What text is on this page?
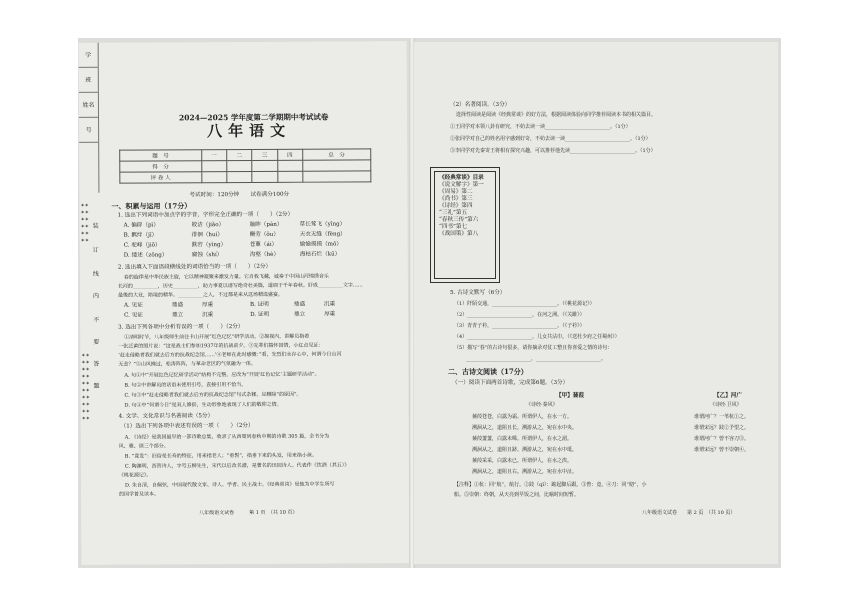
学
班
姓名
号
✶✶✶✶✶✶✶✶✶✶✶✶
✶✶✶✶✶✶✶✶✶✶✶✶✶✶✶✶✶✶✶✶
装
订
线
内
不
要
答
题
2024—2025 学年度第二学期期中考试试卷
八年语文
题　号	一	二	三	四	总　分
得　分					
评 卷 人					
考试时间：120分钟　　试卷满分100分
一、积累与运用（17分）
1. 选出下列词语中加点字的字音，字形完全正确的一项（　　）（2分）
A. 偏辟（pì）	皎洁（jiǎo）	脑眸（pàn）	草长莺飞（yīng）
B. 羁绊（jī）	徘徊（huí）	酬劳（ǒu）	天衣无缝（fèng）
C. 驼峰（jiǒ）	跌宕（yìng）	苍蕈（ái）	愉愉摸摸（mō）
D. 缕述（zǒng）	腐蚀（shí）	沟壑（hè）	海枯石烂（kū）
2. 选出填入下面语段横线处的词语恰当的一项（　　）（2分）
春的旋律是中华民族主旋，它以精神凝聚来激发力量。它自我飞越，诚奏于中国山河锦绣音乐
长河的__________，历史__________，助力事夏以谱写绝奇壮美篇，道调于千年春秋。好成__________文字……
最後的大业，陪境的精华。__________之人，不过都是来从这场精选盛宴。
A. 见证	鼎盛	厚重	B. 证明	鼎盛	沉重
C. 见证	鼎立	沉重	D. 证明	鼎立	厚重
3. 选出下列各项中分析有误的一项（　　）（2分）
①清明时节，八年级师生前往卡山开展“红色记忆”研学活动。②凝视内，讲解员指着
一张泛黄的照片说：“这是战士们参加1937年的抗战前夕。③先辈们揣怀国情，小红点见证：
‘赶走侵略者我们就去后方的抗战纪念馆……’④老师在此时感慨：”看，先烈们永存心中，何谓今日山河
无恙？”⑤山风拂过，松涛阵阵，与革命老区的气氛融为一体。
A. 句①中“开展红色记忆研学活动”结构不完整，应改为“开展‘红色记忆’主题研学活动”。
B. 句②中讲解员的话语未使用引号，直接引用不恰当。
C. 句③中“赶走侵略者我们就去后方的抗战纪念馆”句式杂糅，应删除“的原因”。
D. 句④中“何谓今日”是双人修辞，生动形象地表现了人们的敬仰之情。
4. 文学、文化常识与名著阅读（5分）
（1）选出下列各项中表述有误的一项（　　）（2分）
A. 《诗经》是我国最早的一部诗歌总集，收录了从西周到春秋中期的诗歌 305 篇，全书分为
风、雅、颂三个部分。
B. “竟发”：旧俗是长寿的特征，用来指老人；“垂髫”，指垂下来的头发，用来指小孩。
C. 陶渊明，西晋诗人，字号五柳先生，宋代以后改名潜，是著名的田园诗人。代表作《饮酒（其五）》
《桃花源记》。
D. 朱自清，自佩弦，中国现代散文家、诗人、学者、民主战士。《经典常谈》是他为中学生所写
的国学普及读本。
八年级语文试卷　　　第 1 页　（共 10 页）
（2）名著阅读。（3分）
选择性阅读是阅读《经典常谈》的好方法，根据阅读体验向同学推荐阅读本书的相关篇目。
①王同学对本领八卦有研究，不妨去读一读__________________________。（1分）
②张同学对自己的姓名用字感到好奇，不妨去读一读__________________________。（1分）
③李同学对先秦寄王将相有探究兴趣，可以推荐他先读__________________________。（1分）
《经典常谈》目录
《说文解字》第一
《周易》第二
《尚书》第三
《诗经》第四
“三礼”第五
“春秋三传”第六
“四书”第七
《战国策》第八
5. 古诗文默写（6分）
（1）阡陌交通，__________________________。（《桃花源记》）
（2）__________________________，在河之洲。（《关雎》）
（3）青青子衿，__________________________。（《子衿》）
（4）__________________________，儿女共沾巾。（《送杜少府之任蜀州》）
（5）描写“春”的古诗句很多，请你摘录对仗工整且你喜爱之情的诗句：
__________________________，__________________________。
二、古诗文阅读（17分）
（一）阅读下面两首诗歌，完成第6题。（3分）
【甲】蒹葭
《诗经·秦风》
【乙】河广
《诗经·卫风》
蒹葭苍苍，白露为霜。所谓伊人，在水一方。
溯洄从之，道阻且长。溯游从之，宛在水中央。
蒹葭萋萋，白露未晞。所谓伊人，在水之湄。
溯洄从之，道阻且跻。溯游从之，宛在水中坻。
蒹葭采采，白露未已。所谓伊人，在水之涘。
溯洄从之，道阻且右。溯游从之，宛在水中沚。
谁谓河广？一苇杭①之。
谁谓宋远？跂②予望之。
谁谓河广？曾不容刀③。
谁谓宋远？曾不崇朝④。
【注释】①杭：同“航”，航行。②跂（qǐ）：踮起脚后跟。③曾：竟。④刀：同“舠”，小
船。⑤崇朝：终朝，从天亮到早饭之间，比喻时间短暂。
八年级语文试卷　　第 2 页　（共 10 页）
